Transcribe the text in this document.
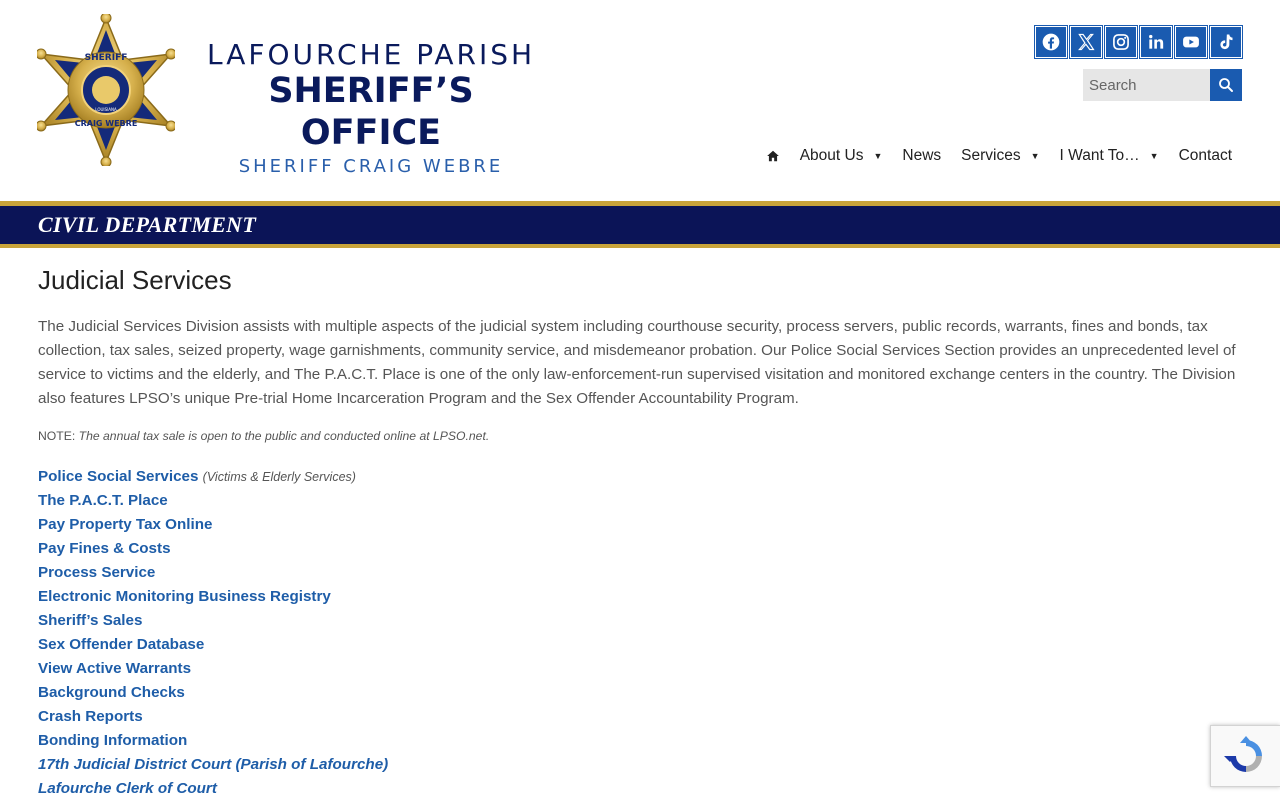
SHERIFF
CRAIG WEBRE
LOUISIANA
LAFOURCHE PARISH
SHERIFF’S OFFICE
SHERIFF CRAIG WEBRE
Search
About Us ▼ News Services ▼ I Want To… ▼ Contact
CIVIL DEPARTMENT
Judicial Services

The Judicial Services Division assists with multiple aspects of the judicial system including courthouse security, process servers, public records, warrants, fines and bonds, tax collection, tax sales, seized property, wage garnishments, community service, and misdemeanor probation. Our Police Social Services Section provides an unprecedented level of service to victims and the elderly, and The P.A.C.T. Place is one of the only law-enforcement-run supervised visitation and monitored exchange centers in the country. The Division also features LPSO’s unique Pre-trial Home Incarceration Program and the Sex Offender Accountability Program.

NOTE: The annual tax sale is open to the public and conducted online at LPSO.net.

Police Social Services (Victims & Elderly Services)
The P.A.C.T. Place
Pay Property Tax Online
Pay Fines & Costs
Process Service
Electronic Monitoring Business Registry
Sheriff’s Sales
Sex Offender Database
View Active Warrants
Background Checks
Crash Reports
Bonding Information
17th Judicial District Court (Parish of Lafourche)
Lafourche Clerk of Court
